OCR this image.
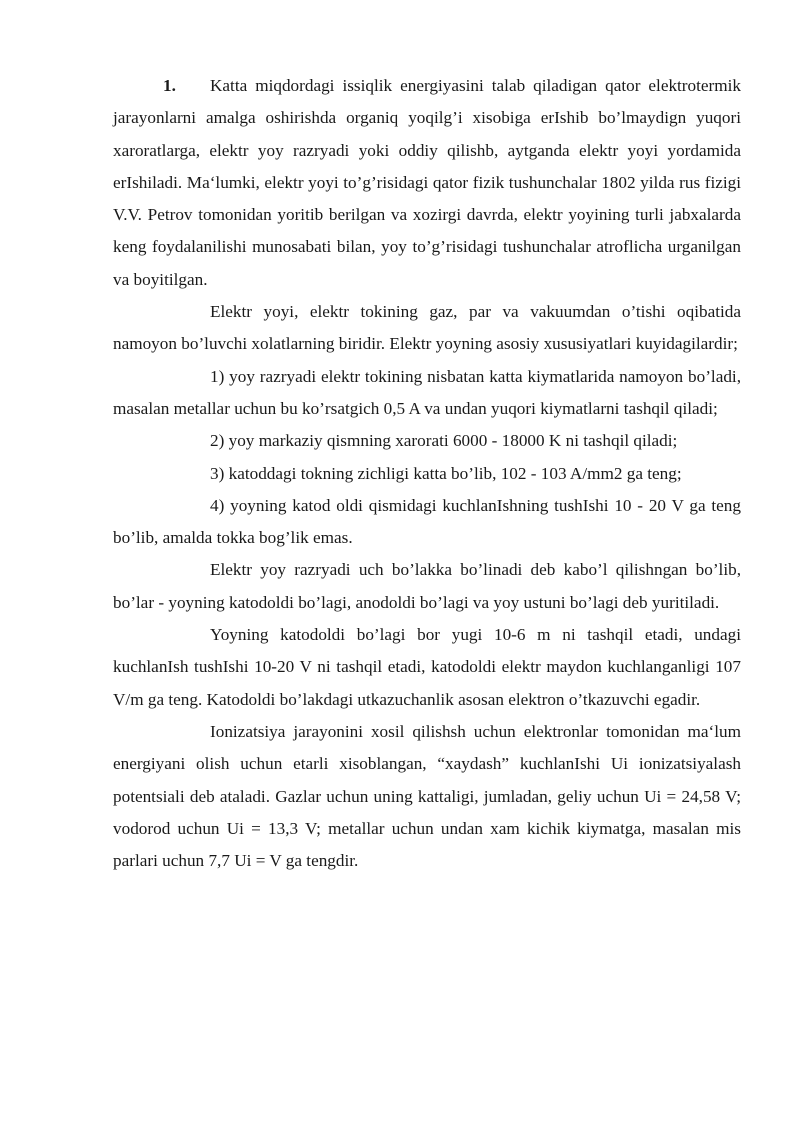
1. Katta miqdordagi issiqlik energiyasini talab qiladigan qator elektrotermik jarayonlarni amalga oshirishda organiq yoqilg’i xisobiga erIshib bo’lmaydign yuqori xaroratlarga, elektr yoy razryadi yoki oddiy qilishb, aytganda elektr yoyi yordamida erIshiladi. Ma‘lumki, elektr yoyi to’g’risidagi qator fizik tushunchalar 1802 yilda rus fizigi V.V. Petrov tomonidan yoritib berilgan va xozirgi davrda, elektr yoyining turli jabxalarda keng foydalanilishi munosabati bilan, yoy to’g’risidagi tushunchalar atroflicha urganilgan va boyitilgan.

Elektr yoyi, elektr tokining gaz, par va vakuumdan o’tishi oqibatida namoyon bo’luvchi xolatlarning biridir. Elektr yoyning asosiy xususiyatlari kuyidagilardir;

1) yoy razryadi elektr tokining nisbatan katta kiymatlarida namoyon bo’ladi, masalan metallar uchun bu ko’rsatgich 0,5 A va undan yuqori kiymatlarni tashqil qiladi;

2) yoy markaziy qismning xarorati 6000 - 18000 K ni tashqil qiladi;

3) katoddagi tokning zichligi katta bo’lib, 102 - 103 A/mm2 ga teng;

4) yoyning katod oldi qismidagi kuchlanIshning tushIshi 10 - 20 V ga teng bo’lib, amalda tokka bog’lik emas.

Elektr yoy razryadi uch bo’lakka bo’linadi deb kabo’l qilishngan bo’lib, bo’lar - yoyning katodoldi bo’lagi, anodoldi bo’lagi va yoy ustuni bo’lagi deb yuritiladi.

Yoyning katodoldi bo’lagi bor yugi 10-6 m ni tashqil etadi, undagi kuchlanIsh tushIshi 10-20 V ni tashqil etadi, katodoldi elektr maydon kuchlanganligi 107 V/m ga teng. Katodoldi bo’lakdagi utkazuchanlik asosan elektron o’tkazuvchi egadir.

Ionizatsiya jarayonini xosil qilishsh uchun elektronlar tomonidan ma‘lum energiyani olish uchun etarli xisoblangan, “xaydash” kuchlanIshi Ui ionizatsiyalash potentsiali deb ataladi. Gazlar uchun uning kattaligi, jumladan, geliy uchun Ui = 24,58 V; vodorod uchun Ui = 13,3 V; metallar uchun undan xam kichik kiymatga, masalan mis parlari uchun 7,7 Ui = V ga tengdir.
